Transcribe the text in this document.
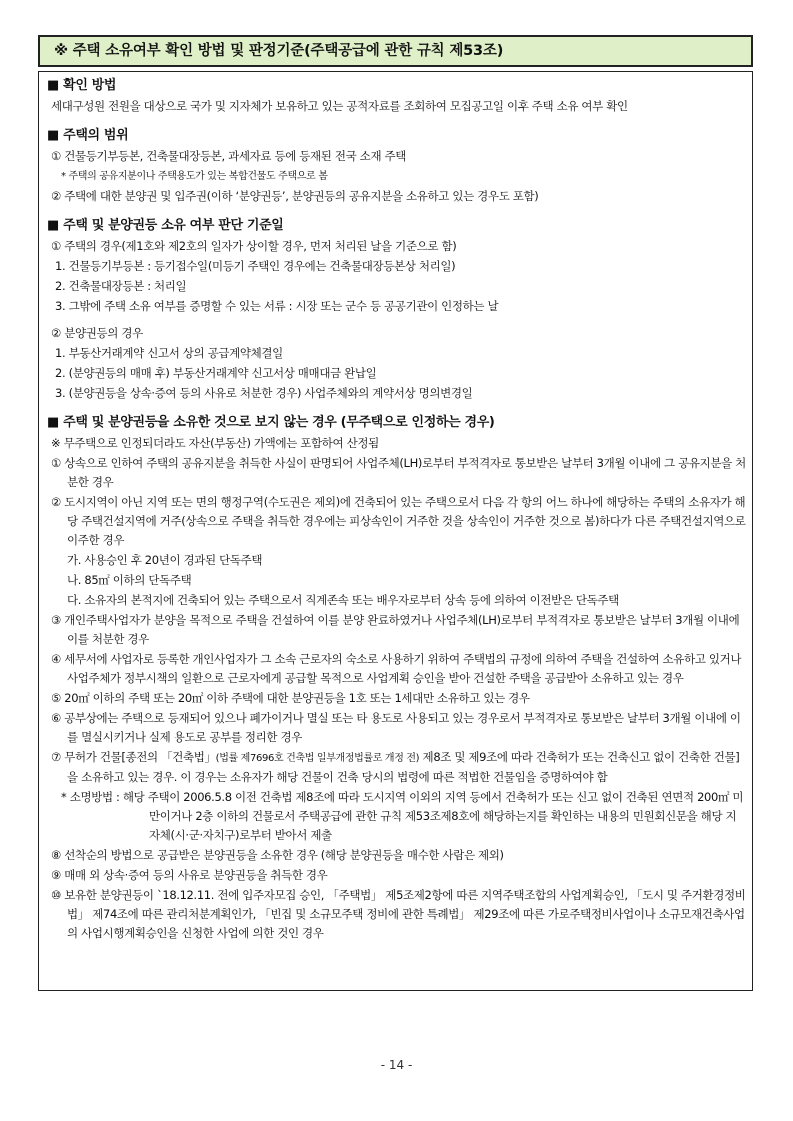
※ 주택 소유여부 확인 방법 및 판정기준(주택공급에 관한 규칙 제53조)
■ 확인 방법
세대구성원 전원을 대상으로 국가 및 지자체가 보유하고 있는 공적자료를 조회하여 모집공고일 이후 주택 소유 여부 확인
■ 주택의 범위
① 건물등기부등본, 건축물대장등본, 과세자료 등에 등재된 전국 소재 주택
* 주택의 공유지분이나 주택용도가 있는 복합건물도 주택으로 봄
② 주택에 대한 분양권 및 입주권(이하 ‘분양권등’, 분양권등의 공유지분을 소유하고 있는 경우도 포함)
■ 주택 및 분양권등 소유 여부 판단 기준일
① 주택의 경우(제1호와 제2호의 일자가 상이할 경우, 먼저 처리된 날을 기준으로 함)
1. 건물등기부등본 : 등기접수일(미등기 주택인 경우에는 건축물대장등본상 처리일)
2. 건축물대장등본 : 처리일
3. 그밖에 주택 소유 여부를 증명할 수 있는 서류 : 시장 또는 군수 등 공공기관이 인정하는 날
② 분양권등의 경우
1. 부동산거래계약 신고서 상의 공급계약체결일
2. (분양권등의 매매 후) 부동산거래계약 신고서상 매매대금 완납일
3. (분양권등을 상속·증여 등의 사유로 처분한 경우) 사업주체와의 계약서상 명의변경일
■ 주택 및 분양권등을 소유한 것으로 보지 않는 경우 (무주택으로 인정하는 경우)
※ 무주택으로 인정되더라도 자산(부동산) 가액에는 포함하여 산정됨
① 상속으로 인하여 주택의 공유지분을 취득한 사실이 판명되어 사업주체(LH)로부터 부적격자로 통보받은 날부터 3개월 이내에 그 공유지분을 처분한 경우
② 도시지역이 아닌 지역 또는 면의 행정구역(수도권은 제외)에 건축되어 있는 주택으로서 다음 각 항의 어느 하나에 해당하는 주택의 소유자가 해당 주택건설지역에 거주(상속으로 주택을 취득한 경우에는 피상속인이 거주한 것을 상속인이 거주한 것으로 봄)하다가 다른 주택건설지역으로 이주한 경우
가. 사용승인 후 20년이 경과된 단독주택
나. 85㎡ 이하의 단독주택
다. 소유자의 본적지에 건축되어 있는 주택으로서 직계존속 또는 배우자로부터 상속 등에 의하여 이전받은 단독주택
③ 개인주택사업자가 분양을 목적으로 주택을 건설하여 이를 분양 완료하였거나 사업주체(LH)로부터 부적격자로 통보받은 날부터 3개월 이내에 이를 처분한 경우
④ 세무서에 사업자로 등록한 개인사업자가 그 소속 근로자의 숙소로 사용하기 위하여 주택법의 규정에 의하여 주택을 건설하여 소유하고 있거나 사업주체가 정부시책의 일환으로 근로자에게 공급할 목적으로 사업계획 승인을 받아 건설한 주택을 공급받아 소유하고 있는 경우
⑤ 20㎡ 이하의 주택 또는 20㎡ 이하 주택에 대한 분양권등을 1호 또는 1세대만 소유하고 있는 경우
⑥ 공부상에는 주택으로 등재되어 있으나 폐가이거나 멸실 또는 타 용도로 사용되고 있는 경우로서 부적격자로 통보받은 날부터 3개월 이내에 이를 멸실시키거나 실제 용도로 공부를 정리한 경우
⑦ 무허가 건물[종전의 「건축법」(법률 제7696호 건축법 일부개정법률로 개정 전) 제8조 및 제9조에 따라 건축허가 또는 건축신고 없이 건축한 건물]을 소유하고 있는 경우. 이 경우는 소유자가 해당 건물이 건축 당시의 법령에 따른 적법한 건물임을 증명하여야 함
* 소명방법 : 해당 주택이 2006.5.8 이전 건축법 제8조에 따라 도시지역 이외의 지역 등에서 건축허가 또는 신고 없이 건축된 연면적 200㎡ 미만이거나 2층 이하의 건물로서 주택공급에 관한 규칙 제53조제8호에 해당하는지를 확인하는 내용의 민원회신문을 해당 지자체(시·군·자치구)로부터 받아서 제출
⑧ 선착순의 방법으로 공급받은 분양권등을 소유한 경우 (해당 분양권등을 매수한 사람은 제외)
⑨ 매매 외 상속·증여 등의 사유로 분양권등을 취득한 경우
⑩ 보유한 분양권등이 `18.12.11. 전에 입주자모집 승인, 「주택법」 제5조제2항에 따른 지역주택조합의 사업계획승인, 「도시 및 주거환경정비법」 제74조에 따른 관리처분계획인가, 「빈집 및 소규모주택 정비에 관한 특례법」 제29조에 따른 가로주택정비사업이나 소규모재건축사업의 사업시행계획승인을 신청한 사업에 의한 것인 경우
- 14 -
